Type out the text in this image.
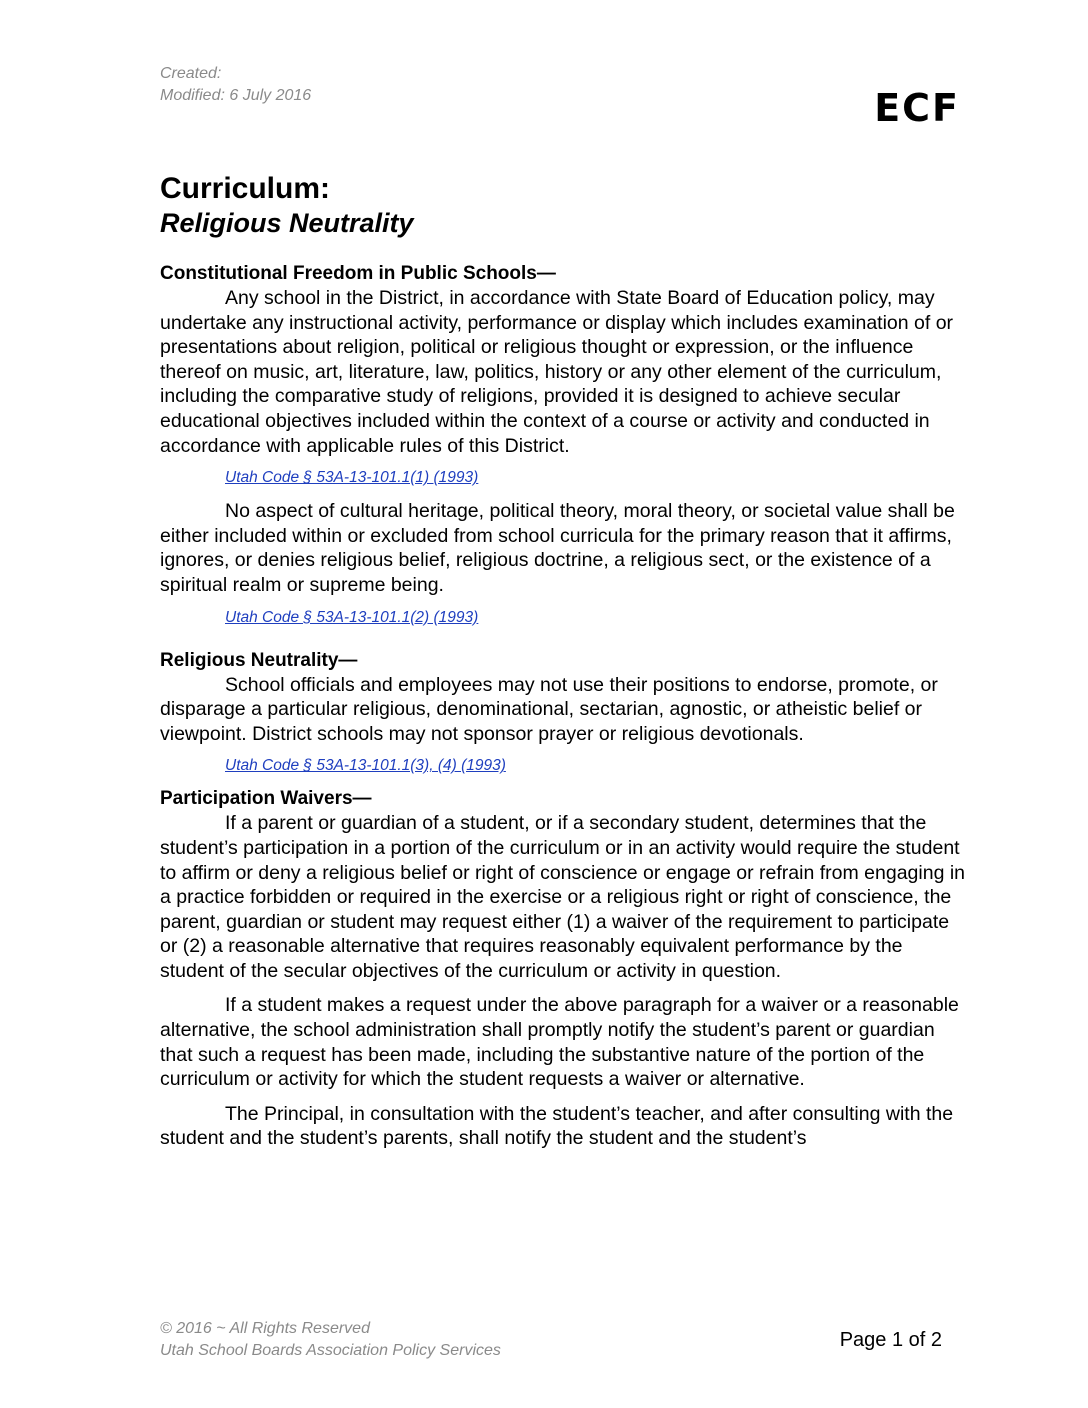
Created:
Modified: 6 July 2016	ECF
Curriculum:
Religious Neutrality
Constitutional Freedom in Public Schools—

Any school in the District, in accordance with State Board of Education policy, may undertake any instructional activity, performance or display which includes examination of or presentations about religion, political or religious thought or expression, or the influence thereof on music, art, literature, law, politics, history or any other element of the curriculum, including the comparative study of religions, provided it is designed to achieve secular educational objectives included within the context of a course or activity and conducted in accordance with applicable rules of this District.

Utah Code § 53A-13-101.1(1) (1993)

No aspect of cultural heritage, political theory, moral theory, or societal value shall be either included within or excluded from school curricula for the primary reason that it affirms, ignores, or denies religious belief, religious doctrine, a religious sect, or the existence of a spiritual realm or supreme being.

Utah Code § 53A-13-101.1(2) (1993)
Religious Neutrality—

School officials and employees may not use their positions to endorse, promote, or disparage a particular religious, denominational, sectarian, agnostic, or atheistic belief or viewpoint. District schools may not sponsor prayer or religious devotionals.

Utah Code § 53A-13-101.1(3), (4) (1993)
Participation Waivers—

If a parent or guardian of a student, or if a secondary student, determines that the student’s participation in a portion of the curriculum or in an activity would require the student to affirm or deny a religious belief or right of conscience or engage or refrain from engaging in a practice forbidden or required in the exercise or a religious right or right of conscience, the parent, guardian or student may request either (1) a waiver of the requirement to participate or (2) a reasonable alternative that requires reasonably equivalent performance by the student of the secular objectives of the curriculum or activity in question.

If a student makes a request under the above paragraph for a waiver or a reasonable alternative, the school administration shall promptly notify the student’s parent or guardian that such a request has been made, including the substantive nature of the portion of the curriculum or activity for which the student requests a waiver or alternative.

The Principal, in consultation with the student’s teacher, and after consulting with the student and the student’s parents, shall notify the student and the student’s

© 2016 ~ All Rights Reserved
Utah School Boards Association Policy Services	Page 1 of 2
